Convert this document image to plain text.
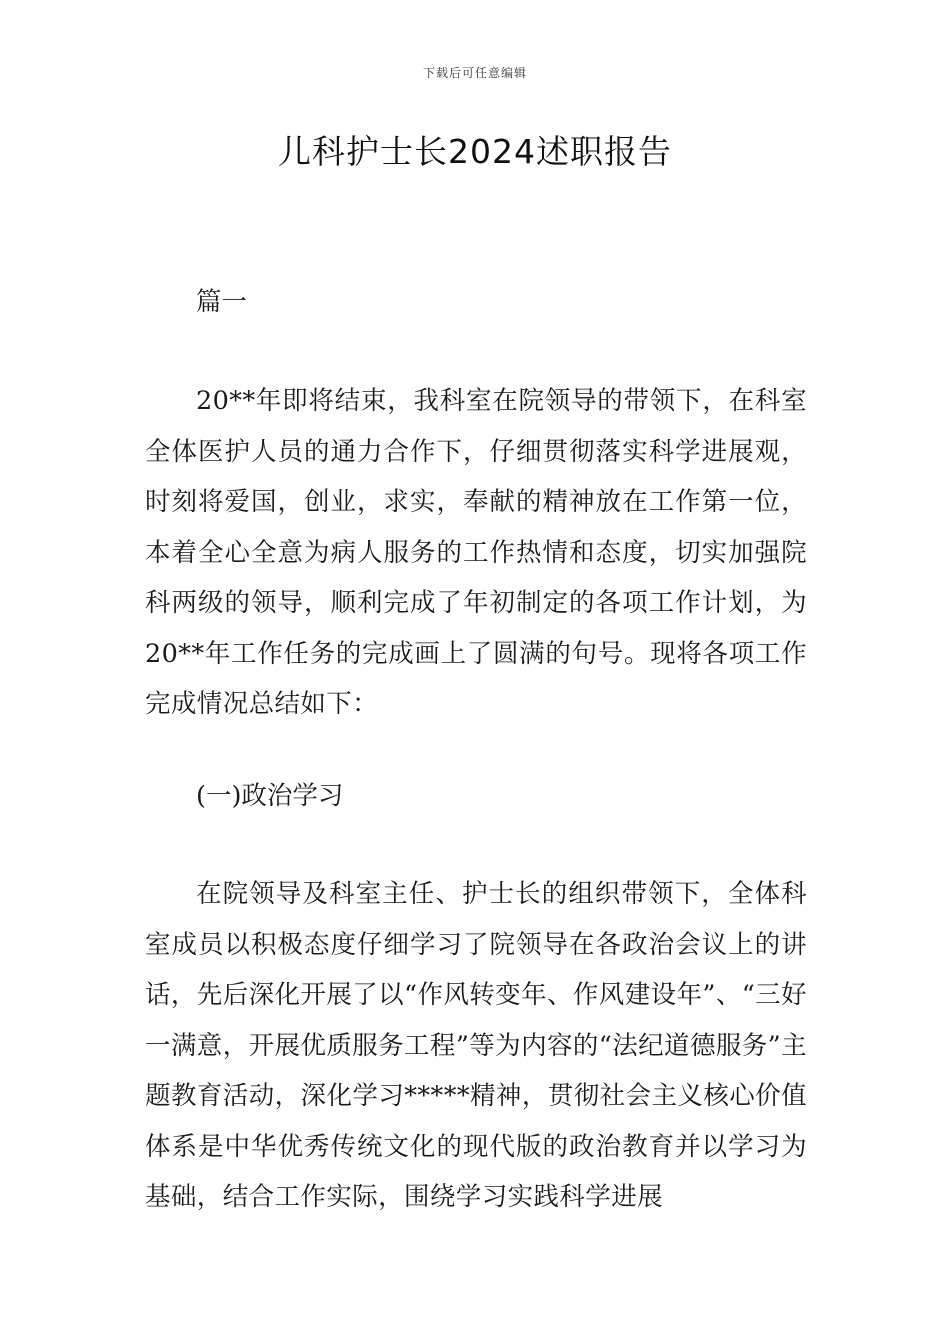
下载后可任意编辑
儿科护士长2024述职报告

篇一

20**年即将结束，我科室在院领导的带领下，在科室全体医护人员的通力合作下，仔细贯彻落实科学进展观，时刻将爱国，创业，求实，奉献的精神放在工作第一位，本着全心全意为病人服务的工作热情和态度，切实加强院科两级的领导，顺利完成了年初制定的各项工作计划，为20**年工作任务的完成画上了圆满的句号。现将各项工作完成情况总结如下：

(一)政治学习

在院领导及科室主任、护士长的组织带领下，全体科室成员以积极态度仔细学习了院领导在各政治会议上的讲话，先后深化开展了以“作风转变年、作风建设年”、“三好一满意，开展优质服务工程”等为内容的“法纪道德服务”主题教育活动，深化学习*****精神，贯彻社会主义核心价值体系是中华优秀传统文化的现代版的政治教育并以学习为基础，结合工作实际，围绕学习实践科学进展
